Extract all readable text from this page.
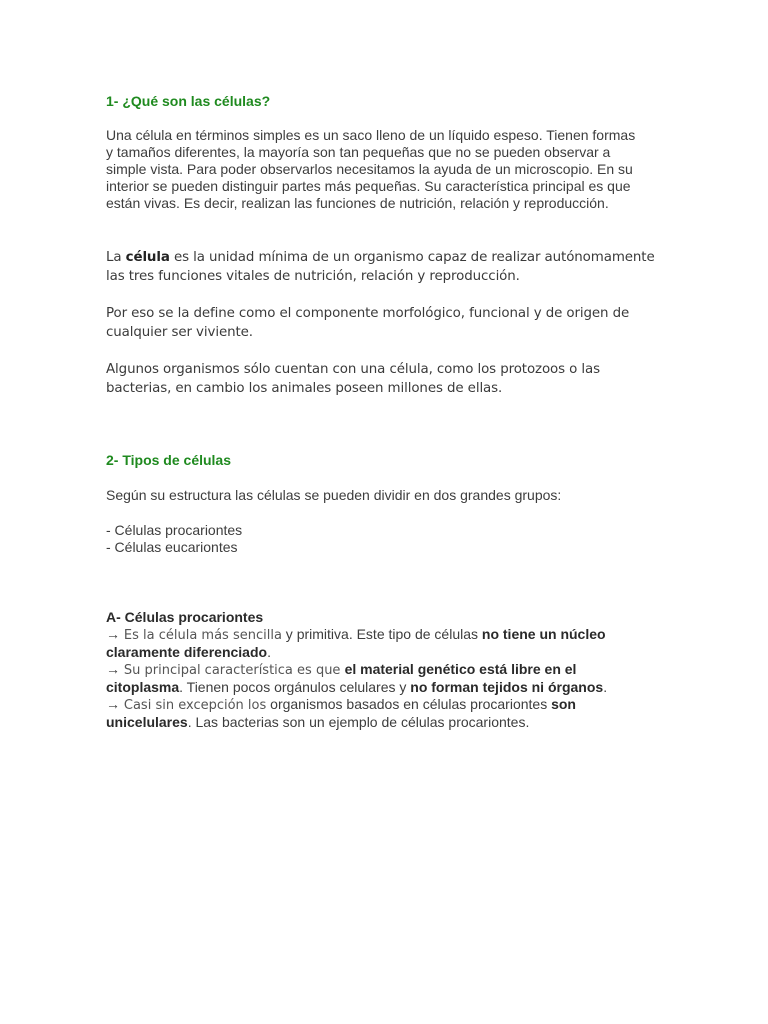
1- ¿Qué son las células?

Una célula en términos simples es un saco lleno de un líquido espeso. Tienen formas
y tamaños diferentes, la mayoría son tan pequeñas que no se pueden observar a
simple vista. Para poder observarlos necesitamos la ayuda de un microscopio. En su
interior se pueden distinguir partes más pequeñas. Su característica principal es que
están vivas. Es decir, realizan las funciones de nutrición, relación y reproducción.

La célula es la unidad mínima de un organismo capaz de realizar autónomamente
las tres funciones vitales de nutrición, relación y reproducción.

Por eso se la define como el componente morfológico, funcional y de origen de
cualquier ser viviente.

Algunos organismos sólo cuentan con una célula, como los protozoos o las
bacterias, en cambio los animales poseen millones de ellas.

2- Tipos de células

Según su estructura las células se pueden dividir en dos grandes grupos:

- Células procariontes
- Células eucariontes

A- Células procariontes
→ Es la célula más sencilla y primitiva. Este tipo de células no tiene un núcleo
claramente diferenciado.
→ Su principal característica es que el material genético está libre en el
citoplasma. Tienen pocos orgánulos celulares y no forman tejidos ni órganos.
→ Casi sin excepción los organismos basados en células procariontes son
unicelulares. Las bacterias son un ejemplo de células procariontes.
